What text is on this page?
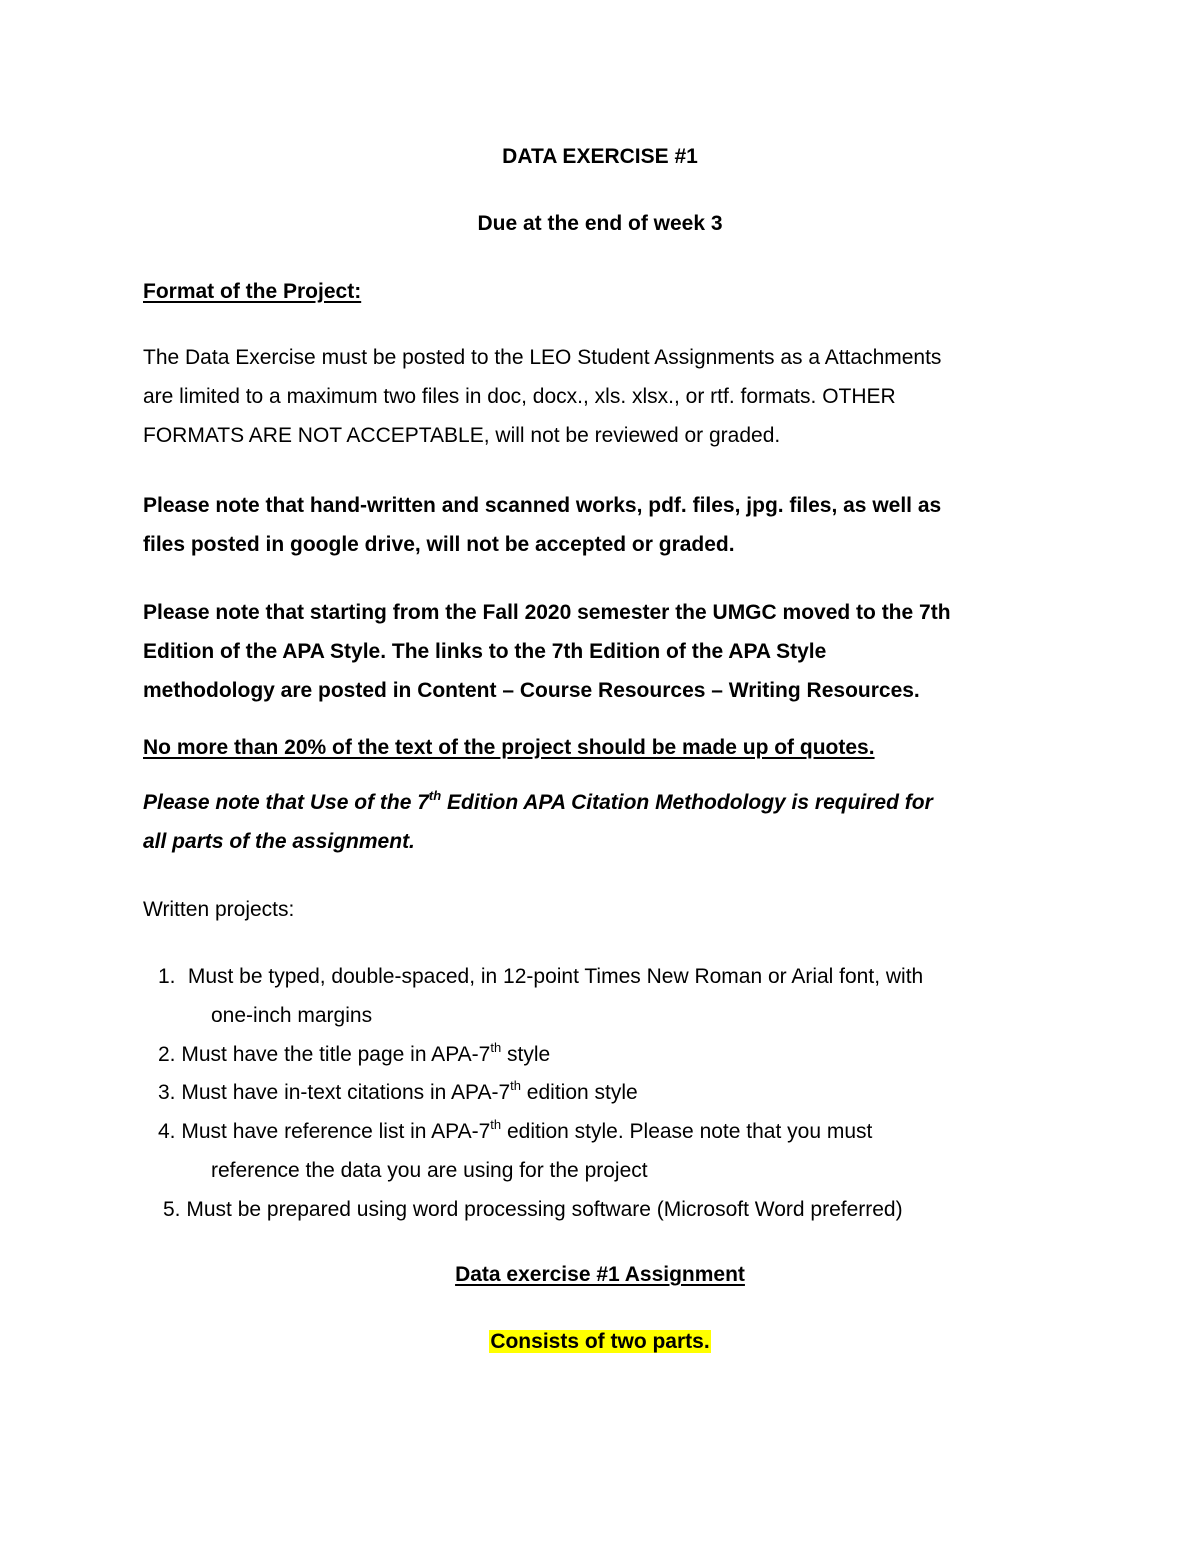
DATA EXERCISE #1
Due at the end of week 3
Format of the Project:
The Data Exercise must be posted to the LEO Student Assignments as a Attachments
are limited to a maximum two files in doc, docx., xls. xlsx., or rtf. formats. OTHER
FORMATS ARE NOT ACCEPTABLE, will not be reviewed or graded.
Please note that hand-written and scanned works, pdf. files, jpg. files, as well as
files posted in google drive, will not be accepted or graded.
Please note that starting from the Fall 2020 semester the UMGC moved to the 7th
Edition of the APA Style. The links to the 7th Edition of the APA Style
methodology are posted in Content – Course Resources – Writing Resources.
No more than 20% of the text of the project should be made up of quotes.
Please note that Use of the 7th Edition APA Citation Methodology is required for
all parts of the assignment.
Written projects:
1. Must be typed, double-spaced, in 12-point Times New Roman or Arial font, with
one-inch margins
2. Must have the title page in APA-7th style
3. Must have in-text citations in APA-7th edition style
4. Must have reference list in APA-7th edition style. Please note that you must
reference the data you are using for the project
5. Must be prepared using word processing software (Microsoft Word preferred)
Data exercise #1 Assignment
Consists of two parts.
